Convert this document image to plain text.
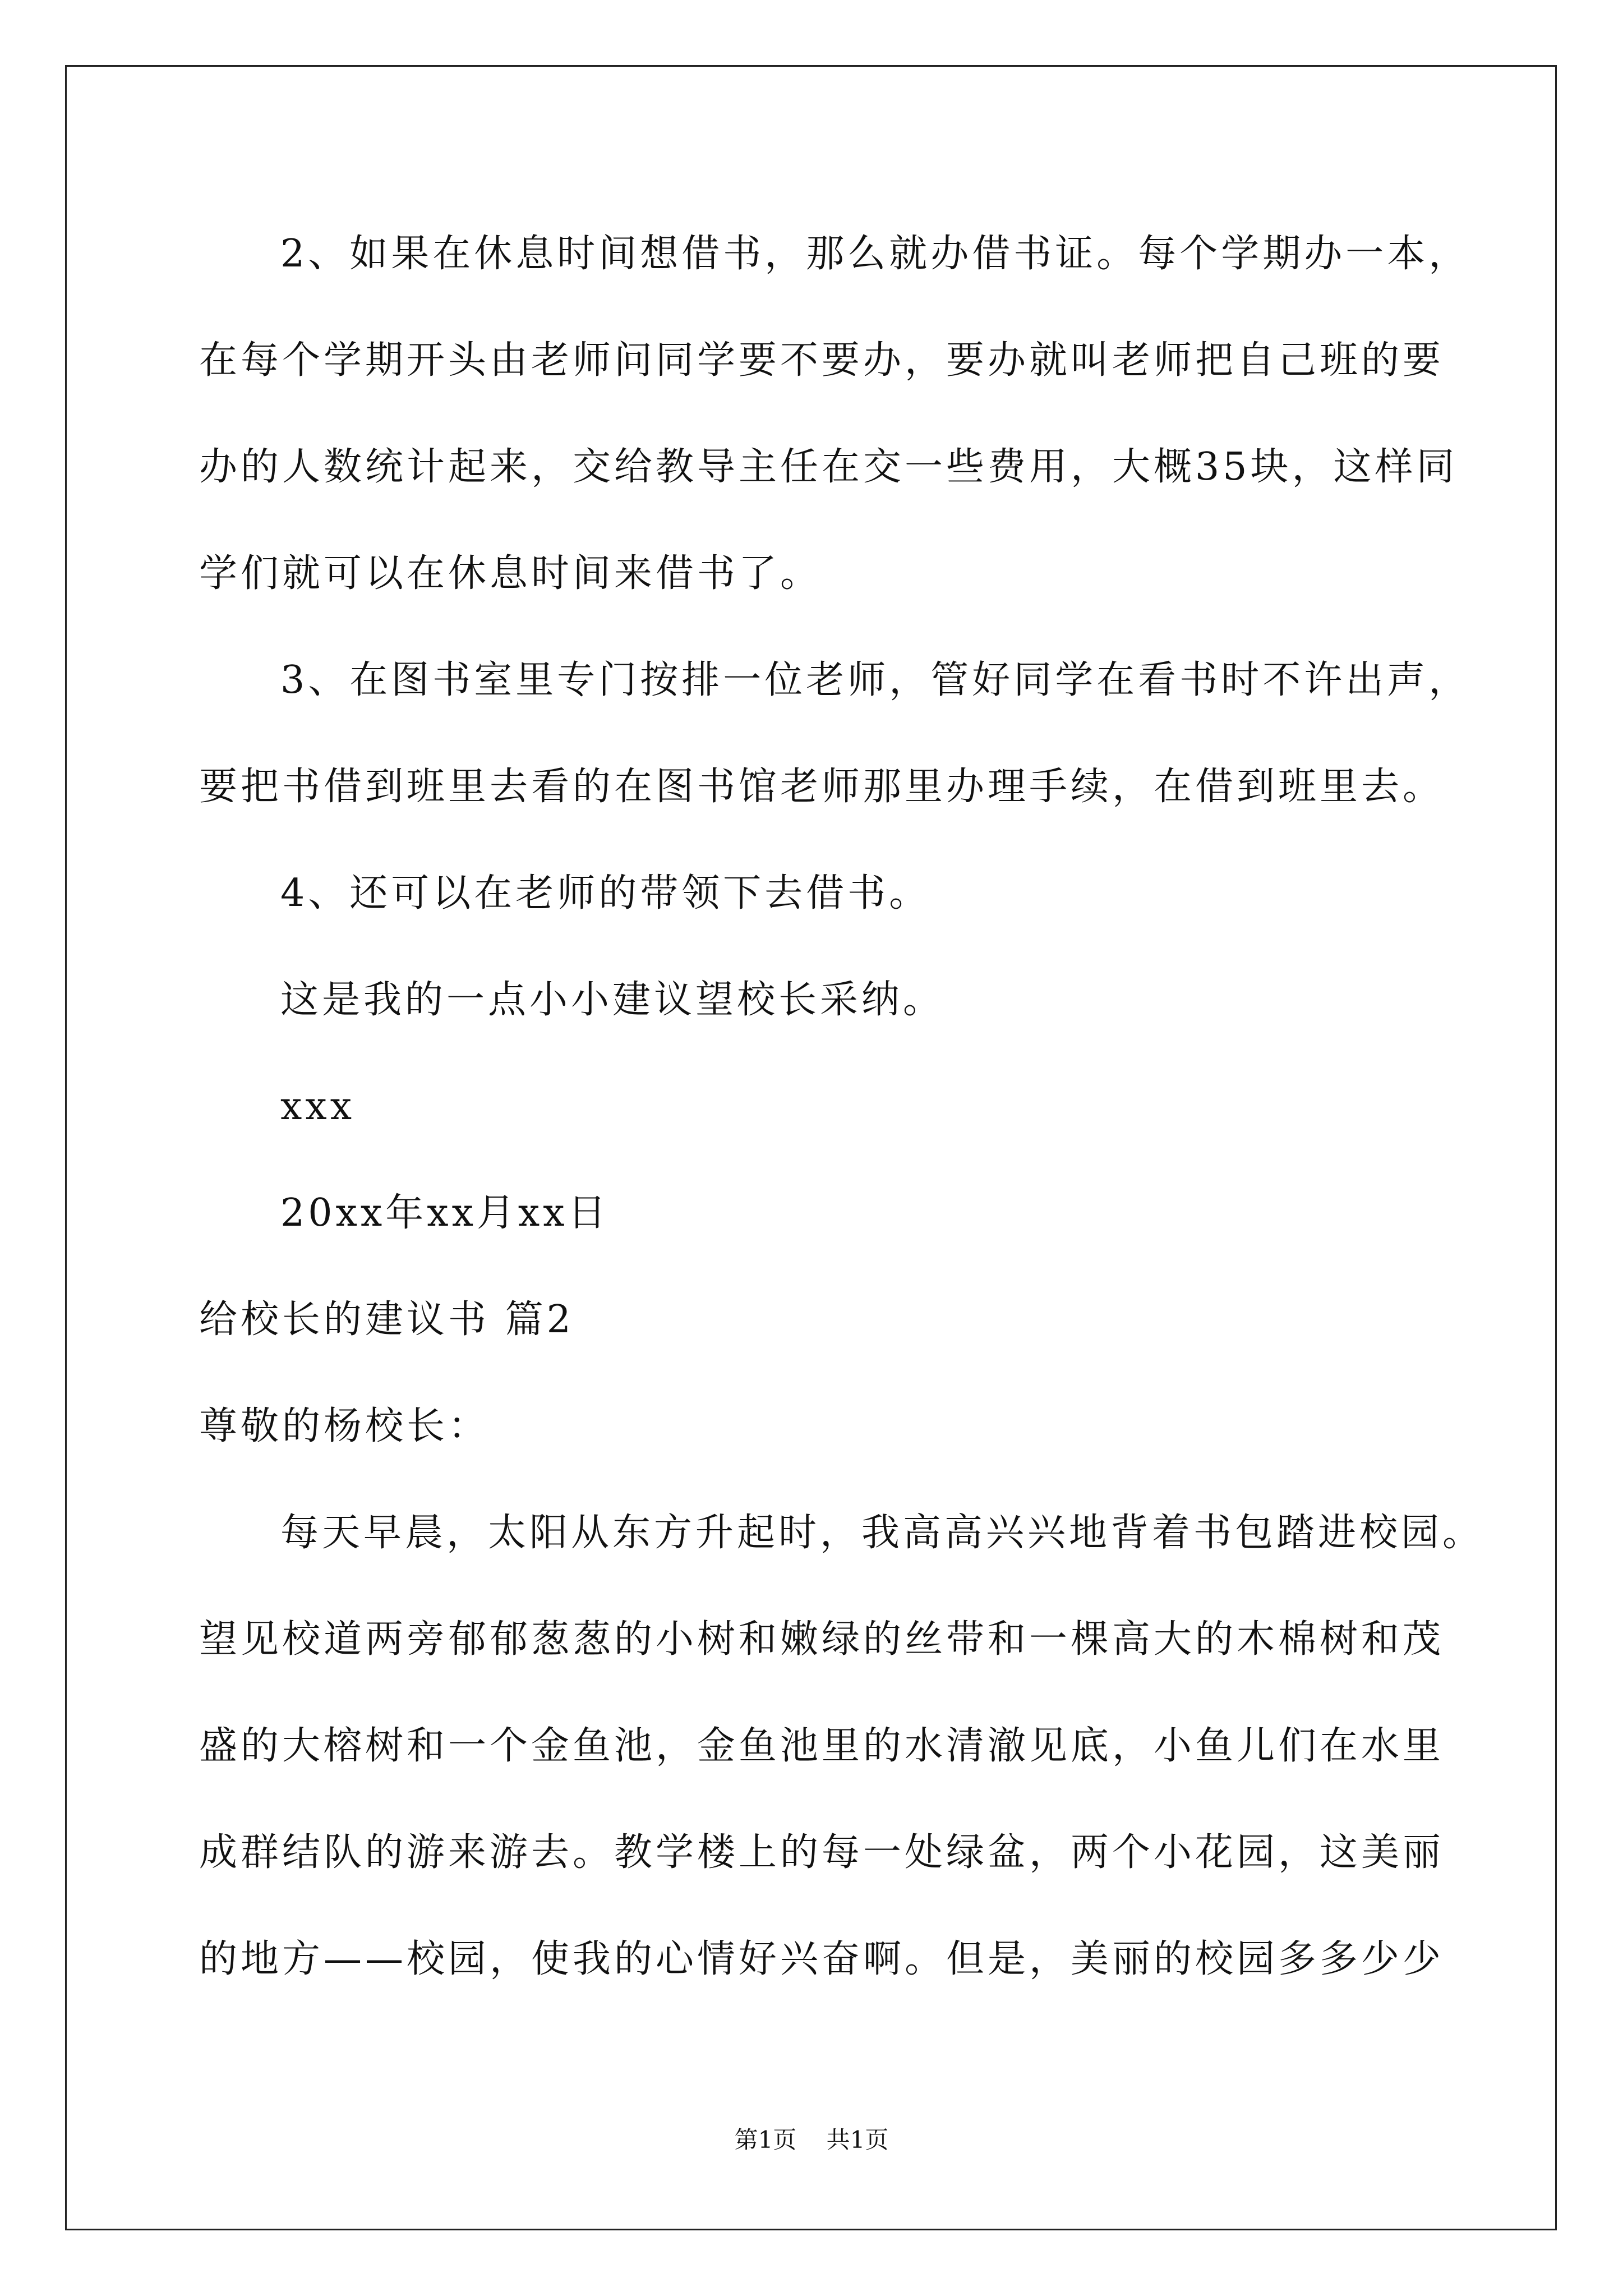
2、如果在休息时间想借书，那么就办借书证。每个学期办一本，
在每个学期开头由老师问同学要不要办，要办就叫老师把自己班的要
办的人数统计起来，交给教导主任在交一些费用，大概35块，这样同
学们就可以在休息时间来借书了。
3、在图书室里专门按排一位老师，管好同学在看书时不许出声，
要把书借到班里去看的在图书馆老师那里办理手续，在借到班里去。
4、还可以在老师的带领下去借书。
这是我的一点小小建议望校长采纳。
xxx
20xx年xx月xx日
给校长的建议书 篇2
尊敬的杨校长：
每天早晨，太阳从东方升起时，我高高兴兴地背着书包踏进校园。
望见校道两旁郁郁葱葱的小树和嫩绿的丝带和一棵高大的木棉树和茂
盛的大榕树和一个金鱼池，金鱼池里的水清澈见底，小鱼儿们在水里
成群结队的游来游去。教学楼上的每一处绿盆，两个小花园，这美丽
的地方——校园，使我的心情好兴奋啊。但是，美丽的校园多多少少
第1页 共1页
